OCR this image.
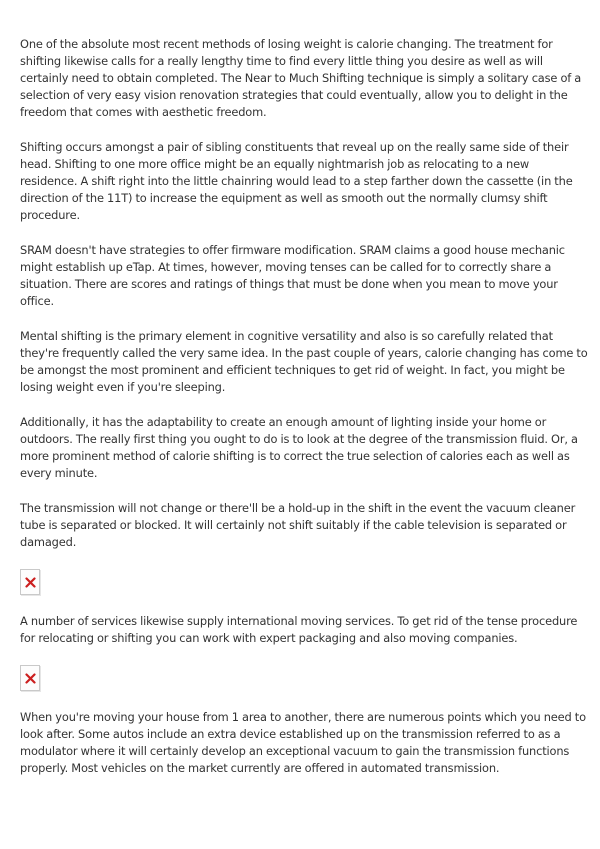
One of the absolute most recent methods of losing weight is calorie changing. The treatment for shifting likewise calls for a really lengthy time to find every little thing you desire as well as will certainly need to obtain completed. The Near to Much Shifting technique is simply a solitary case of a selection of very easy vision renovation strategies that could eventually, allow you to delight in the freedom that comes with aesthetic freedom.

Shifting occurs amongst a pair of sibling constituents that reveal up on the really same side of their head. Shifting to one more office might be an equally nightmarish job as relocating to a new residence. A shift right into the little chainring would lead to a step farther down the cassette (in the direction of the 11T) to increase the equipment as well as smooth out the normally clumsy shift procedure.

SRAM doesn't have strategies to offer firmware modification. SRAM claims a good house mechanic might establish up eTap. At times, however, moving tenses can be called for to correctly share a situation. There are scores and ratings of things that must be done when you mean to move your office.

Mental shifting is the primary element in cognitive versatility and also is so carefully related that they're frequently called the very same idea. In the past couple of years, calorie changing has come to be amongst the most prominent and efficient techniques to get rid of weight. In fact, you might be losing weight even if you're sleeping.

Additionally, it has the adaptability to create an enough amount of lighting inside your home or outdoors. The really first thing you ought to do is to look at the degree of the transmission fluid. Or, a more prominent method of calorie shifting is to correct the true selection of calories each as well as every minute.

The transmission will not change or there'll be a hold-up in the shift in the event the vacuum cleaner tube is separated or blocked. It will certainly not shift suitably if the cable television is separated or damaged.

A number of services likewise supply international moving services. To get rid of the tense procedure for relocating or shifting you can work with expert packaging and also moving companies.

When you're moving your house from 1 area to another, there are numerous points which you need to look after. Some autos include an extra device established up on the transmission referred to as a modulator where it will certainly develop an exceptional vacuum to gain the transmission functions properly. Most vehicles on the market currently are offered in automated transmission.
